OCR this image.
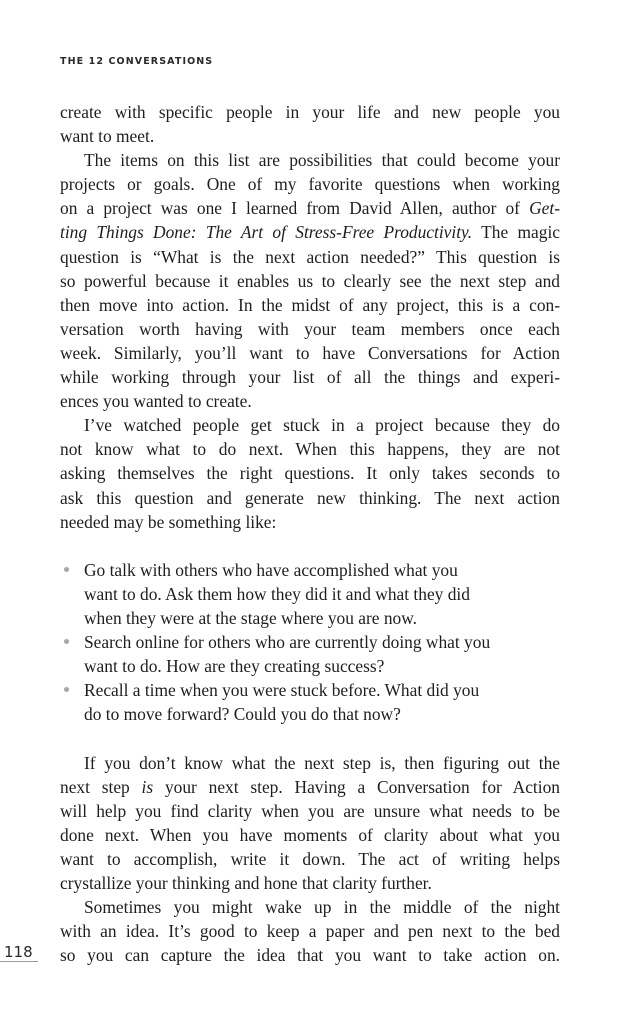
THE 12 CONVERSATIONS
create with specific people in your life and new people you
want to meet.
The items on this list are possibilities that could become your
projects or goals. One of my favorite questions when working
on a project was one I learned from David Allen, author of Get-
ting Things Done: The Art of Stress-Free Productivity. The magic
question is “What is the next action needed?” This question is
so powerful because it enables us to clearly see the next step and
then move into action. In the midst of any project, this is a con-
versation worth having with your team members once each
week. Similarly, you’ll want to have Conversations for Action
while working through your list of all the things and experi-
ences you wanted to create.
I’ve watched people get stuck in a project because they do
not know what to do next. When this happens, they are not
asking themselves the right questions. It only takes seconds to
ask this question and generate new thinking. The next action
needed may be something like:
Go talk with others who have accomplished what you
want to do. Ask them how they did it and what they did
when they were at the stage where you are now.
Search online for others who are currently doing what you
want to do. How are they creating success?
Recall a time when you were stuck before. What did you
do to move forward? Could you do that now?
If you don’t know what the next step is, then figuring out the
next step is your next step. Having a Conversation for Action
will help you find clarity when you are unsure what needs to be
done next. When you have moments of clarity about what you
want to accomplish, write it down. The act of writing helps
crystallize your thinking and hone that clarity further.
Sometimes you might wake up in the middle of the night
with an idea. It’s good to keep a paper and pen next to the bed
so you can capture the idea that you want to take action on.
118
